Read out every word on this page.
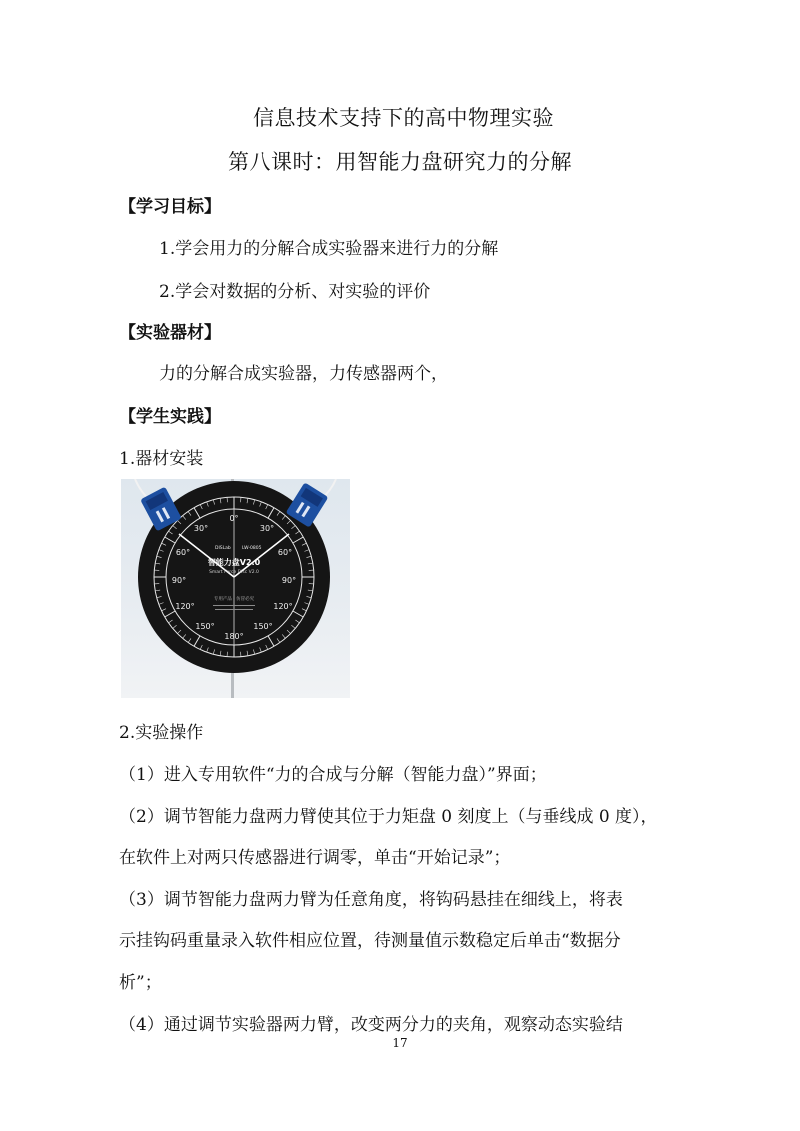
信息技术支持下的高中物理实验
第八课时：用智能力盘研究力的分解
【学习目标】
1.学会用力的分解合成实验器来进行力的分解
2.学会对数据的分析、对实验的评价
【实验器材】
力的分解合成实验器，力传感器两个，
【学生实践】
1.器材安装
0°
30°	30°
60°	60°
90°	90°
120°	120°
150°	150°
180°
DISLab LW-0805
智能力盘V2.0
Smart Force Disc V2.0
专用产品 · 仿冒必究
2.实验操作
（1）进入专用软件“力的合成与分解（智能力盘）”界面；
（2）调节智能力盘两力臂使其位于力矩盘 0 刻度上（与垂线成 0 度），
在软件上对两只传感器进行调零，单击“开始记录”；
（3）调节智能力盘两力臂为任意角度，将钩码悬挂在细线上，将表
示挂钩码重量录入软件相应位置，待测量值示数稳定后单击“数据分
析”；
（4）通过调节实验器两力臂，改变两分力的夹角，观察动态实验结
17
